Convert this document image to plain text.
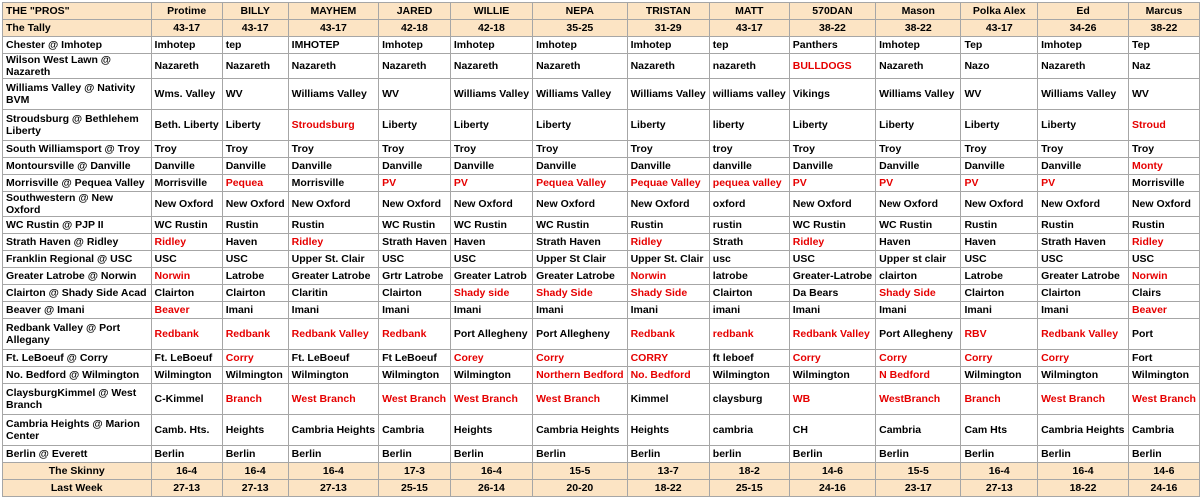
THE "PROS"	Protime	BILLY	MAYHEM	JARED	WILLIE	NEPA	TRISTAN	MATT	570DAN	Mason	Polka Alex	Ed	Marcus
The Tally	43-17	43-17	43-17	42-18	42-18	35-25	31-29	43-17	38-22	38-22	43-17	34-26	38-22
Chester @ Imhotep	Imhotep	tep	IMHOTEP	Imhotep	Imhotep	Imhotep	Imhotep	tep	Panthers	Imhotep	Tep	Imhotep	Tep
Wilson West Lawn @ Nazareth	Nazareth	Nazareth	Nazareth	Nazareth	Nazareth	Nazareth	Nazareth	nazareth	BULLDOGS	Nazareth	Nazo	Nazareth	Naz
Williams Valley @ Nativity BVM	Wms. Valley	WV	Williams Valley	WV	Williams Valley	Williams Valley	Williams Valley	williams valley	Vikings	Williams Valley	WV	Williams Valley	WV
Stroudsburg @ Bethlehem Liberty	Beth. Liberty	Liberty	Stroudsburg	Liberty	Liberty	Liberty	Liberty	liberty	Liberty	Liberty	Liberty	Liberty	Stroud
South Williamsport @ Troy	Troy	Troy	Troy	Troy	Troy	Troy	Troy	troy	Troy	Troy	Troy	Troy	Troy
Montoursville @ Danville	Danville	Danville	Danville	Danville	Danville	Danville	Danville	danville	Danville	Danville	Danville	Danville	Monty
Morrisville @ Pequea Valley	Morrisville	Pequea	Morrisville	PV	PV	Pequea Valley	Pequae Valley	pequea valley	PV	PV	PV	PV	Morrisville
Southwestern @ New Oxford	New Oxford	New Oxford	New Oxford	New Oxford	New Oxford	New Oxford	New Oxford	oxford	New Oxford	New Oxford	New Oxford	New Oxford	New Oxford
WC Rustin @ PJP II	WC Rustin	Rustin	Rustin	WC Rustin	WC Rustin	WC Rustin	Rustin	rustin	WC Rustin	WC Rustin	Rustin	Rustin	Rustin
Strath Haven @ Ridley	Ridley	Haven	Ridley	Strath Haven	Haven	Strath Haven	Ridley	Strath	Ridley	Haven	Haven	Strath Haven	Ridley
Franklin Regional @ USC	USC	USC	Upper St. Clair	USC	USC	Upper St Clair	Upper St. Clair	usc	USC	Upper st clair	USC	USC	USC
Greater Latrobe @ Norwin	Norwin	Latrobe	Greater Latrobe	Grtr Latrobe	Greater Latrob	Greater Latrobe	Norwin	latrobe	Greater-Latrobe	clairton	Latrobe	Greater Latrobe	Norwin
Clairton @ Shady Side Acad	Clairton	Clairton	Claritin	Clairton	Shady side	Shady Side	Shady Side	Clairton	Da Bears	Shady Side	Clairton	Clairton	Clairs
Beaver @ Imani	Beaver	Imani	Imani	Imani	Imani	Imani	Imani	imani	Imani	Imani	Imani	Imani	Beaver
Redbank Valley @ Port Allegany	Redbank	Redbank	Redbank Valley	Redbank	Port Allegheny	Port Allegheny	Redbank	redbank	Redbank Valley	Port Allegheny	RBV	Redbank Valley	Port
Ft. LeBoeuf @ Corry	Ft. LeBoeuf	Corry	Ft. LeBoeuf	Ft LeBoeuf	Corey	Corry	CORRY	ft leboef	Corry	Corry	Corry	Corry	Fort
No. Bedford @ Wilmington	Wilmington	Wilmington	Wilmington	Wilmington	Wilmington	Northern Bedford	No. Bedford	Wilmington	Wilmington	N Bedford	Wilmington	Wilmington	Wilmington
ClaysburgKimmel @ West Branch	C-Kimmel	Branch	West Branch	West Branch	West Branch	West Branch	Kimmel	claysburg	WB	WestBranch	Branch	West Branch	West Branch
Cambria Heights @ Marion Center	Camb. Hts.	Heights	Cambria Heights	Cambria	Heights	Cambria Heights	Heights	cambria	CH	Cambria	Cam Hts	Cambria Heights	Cambria
Berlin @ Everett	Berlin	Berlin	Berlin	Berlin	Berlin	Berlin	Berlin	berlin	Berlin	Berlin	Berlin	Berlin	Berlin
The Skinny	16-4	16-4	16-4	17-3	16-4	15-5	13-7	18-2	14-6	15-5	16-4	16-4	14-6
Last Week	27-13	27-13	27-13	25-15	26-14	20-20	18-22	25-15	24-16	23-17	27-13	18-22	24-16
